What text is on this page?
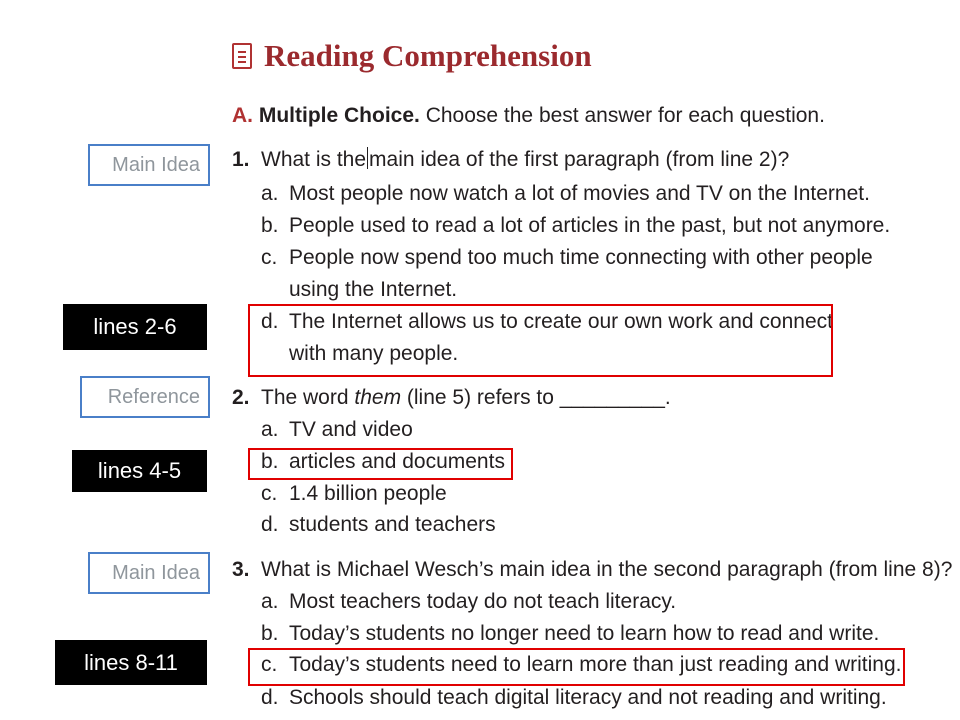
Reading Comprehension
A. Multiple Choice. Choose the best answer for each question.
Main Idea
Reference
Main Idea
lines 2-6
lines 4-5
lines 8-11
1. What is the main idea of the first paragraph (from line 2)?
a. Most people now watch a lot of movies and TV on the Internet.
b. People used to read a lot of articles in the past, but not anymore.
c. People now spend too much time connecting with other people
using the Internet.
d. The Internet allows us to create our own work and connect
with many people.
2. The word them (line 5) refers to _________.
a. TV and video
b. articles and documents
c. 1.4 billion people
d. students and teachers
3. What is Michael Wesch’s main idea in the second paragraph (from line 8)?
a. Most teachers today do not teach literacy.
b. Today’s students no longer need to learn how to read and write.
c. Today’s students need to learn more than just reading and writing.
d. Schools should teach digital literacy and not reading and writing.
